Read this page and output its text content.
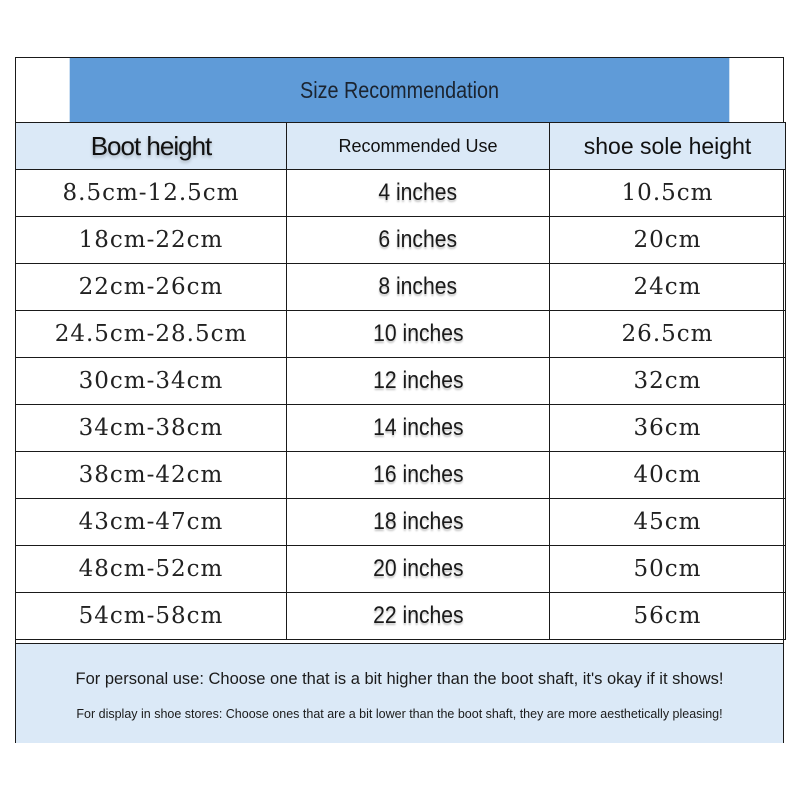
Size Recommendation
Boot height	Recommended Use	shoe sole height
8.5cm-12.5cm	4 inches	10.5cm
18cm-22cm	6 inches	20cm
22cm-26cm	8 inches	24cm
24.5cm-28.5cm	10 inches	26.5cm
30cm-34cm	12 inches	32cm
34cm-38cm	14 inches	36cm
38cm-42cm	16 inches	40cm
43cm-47cm	18 inches	45cm
48cm-52cm	20 inches	50cm
54cm-58cm	22 inches	56cm
For personal use: Choose one that is a bit higher than the boot shaft, it's okay if it shows!
For display in shoe stores: Choose ones that are a bit lower than the boot shaft, they are more aesthetically pleasing!
